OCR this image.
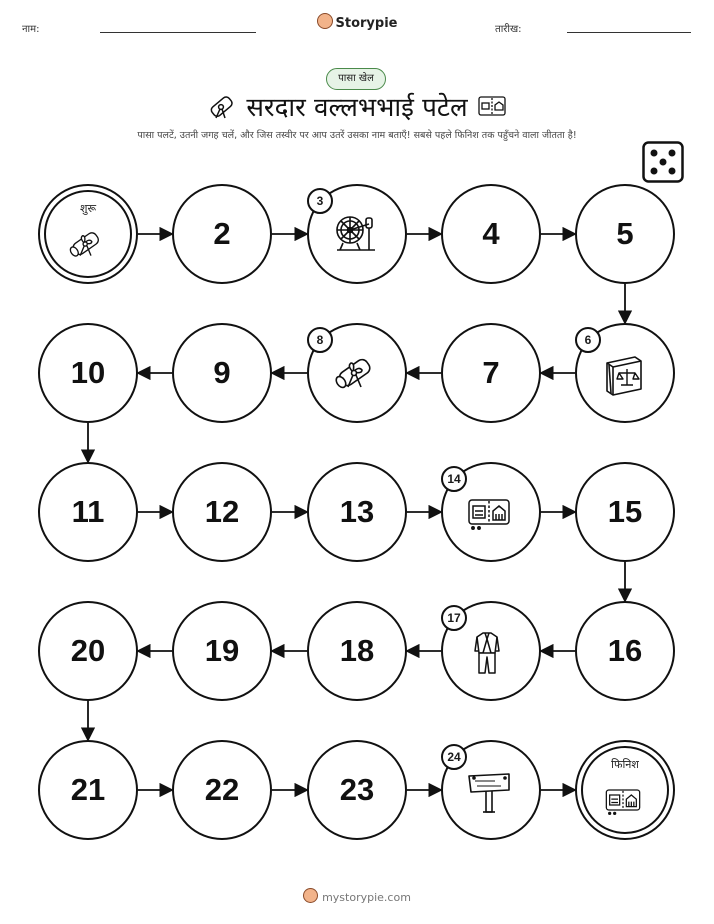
नाम:	Storypie	तारीख:
पासा खेल
सरदार वल्लभभाई पटेल
पासा पलटें, उतनी जगह चलें, और जिस तस्वीर पर आप उतरें उसका नाम बताएँ! सबसे पहले फिनिश तक पहुँचने वाला जीतता है!
शुरू
2
3
4	5
6
7
8
9
10
11	12	13
14
15
16
17
18
19
20
21	22	23
24
फिनिश
mystorypie.com
